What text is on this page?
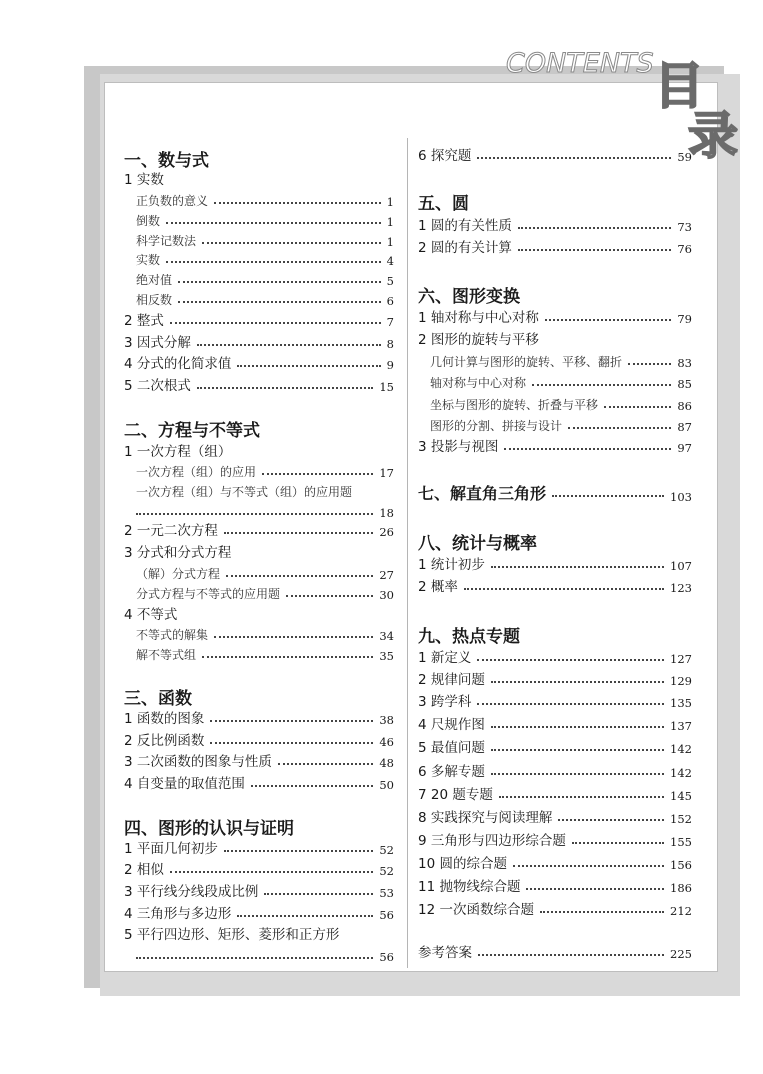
CONTENTS 目
录
一、数与式
1 实数
正负数的意义	1
倒数	1
科学记数法	1
实数	4
绝对值	5
相反数	6
2 整式	7
3 因式分解	8
4 分式的化简求值	9
5 二次根式	15
二、方程与不等式
1 一次方程（组）
一次方程（组）的应用	17
一次方程（组）与不等式（组）的应用题
18
2 一元二次方程	26
3 分式和分式方程
（解）分式方程	27
分式方程与不等式的应用题	30
4 不等式
不等式的解集	34
解不等式组	35
三、函数
1 函数的图象	38
2 反比例函数	46
3 二次函数的图象与性质	48
4 自变量的取值范围	50
四、图形的认识与证明
1 平面几何初步	52
2 相似	52
3 平行线分线段成比例	53
4 三角形与多边形	56
5 平行四边形、矩形、菱形和正方形
56
6 探究题	59
五、圆
1 圆的有关性质	73
2 圆的有关计算	76
六、图形变换
1 轴对称与中心对称	79
2 图形的旋转与平移
几何计算与图形的旋转、平移、翻折	83
轴对称与中心对称	85
坐标与图形的旋转、折叠与平移	86
图形的分割、拼接与设计	87
3 投影与视图	97
七、解直角三角形	103
八、统计与概率
1 统计初步	107
2 概率	123
九、热点专题
1 新定义	127
2 规律问题	129
3 跨学科	135
4 尺规作图	137
5 最值问题	142
6 多解专题	142
7 20 题专题	145
8 实践探究与阅读理解	152
9 三角形与四边形综合题	155
10 圆的综合题	156
11 抛物线综合题	186
12 一次函数综合题	212
参考答案	225
